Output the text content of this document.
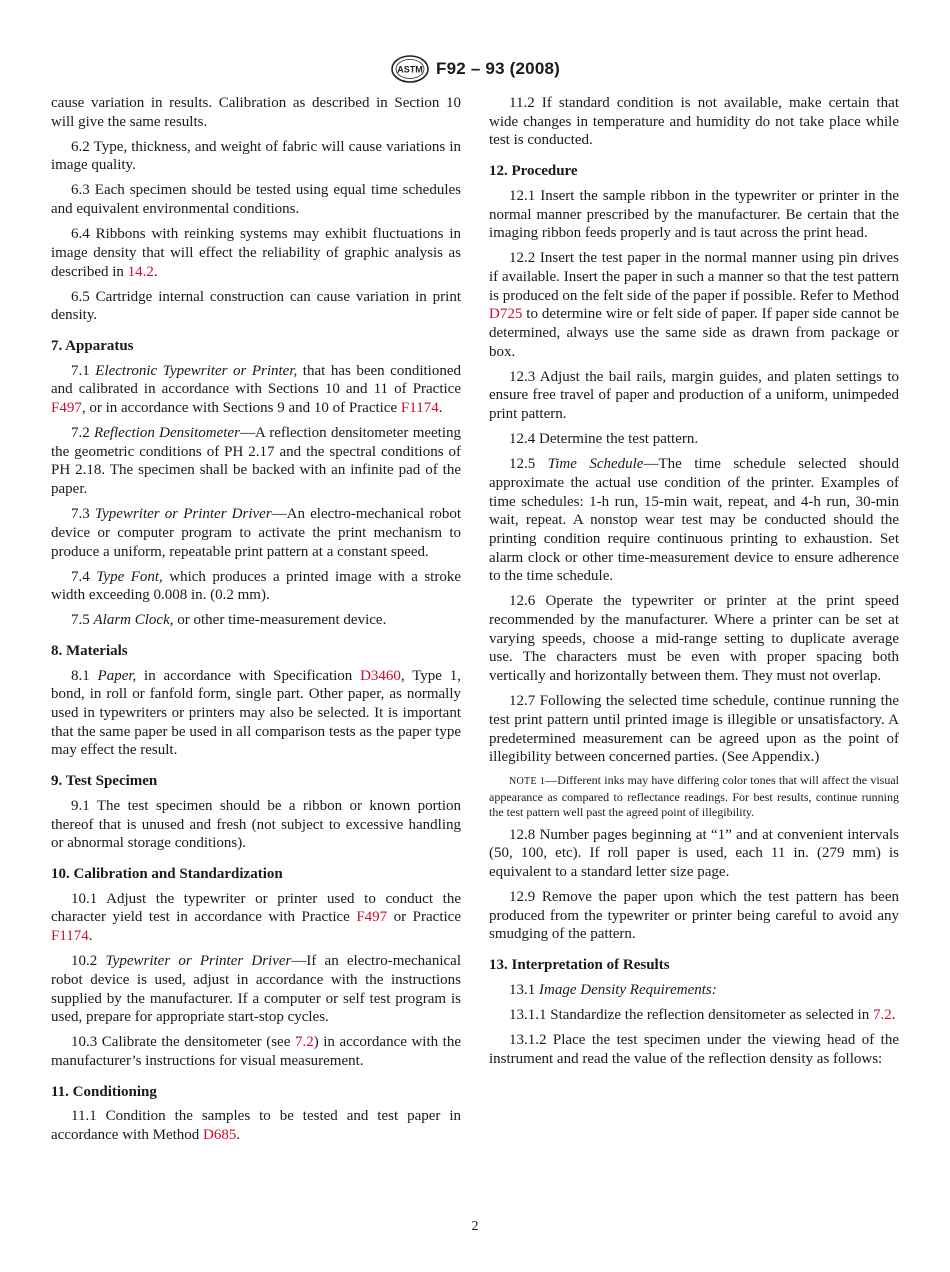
ASTM F92 – 93 (2008)

cause variation in results. Calibration as described in Section 10 will give the same results.

6.2 Type, thickness, and weight of fabric will cause variations in image quality.

6.3 Each specimen should be tested using equal time schedules and equivalent environmental conditions.

6.4 Ribbons with reinking systems may exhibit fluctuations in image density that will effect the reliability of graphic analysis as described in 14.2.

6.5 Cartridge internal construction can cause variation in print density.

7. Apparatus

7.1 Electronic Typewriter or Printer, that has been conditioned and calibrated in accordance with Sections 10 and 11 of Practice F497, or in accordance with Sections 9 and 10 of Practice F1174.

7.2 Reflection Densitometer—A reflection densitometer meeting the geometric conditions of PH 2.17 and the spectral conditions of PH 2.18. The specimen shall be backed with an infinite pad of the paper.

7.3 Typewriter or Printer Driver—An electro-mechanical robot device or computer program to activate the print mechanism to produce a uniform, repeatable print pattern at a constant speed.

7.4 Type Font, which produces a printed image with a stroke width exceeding 0.008 in. (0.2 mm).

7.5 Alarm Clock, or other time-measurement device.

8. Materials

8.1 Paper, in accordance with Specification D3460, Type 1, bond, in roll or fanfold form, single part. Other paper, as normally used in typewriters or printers may also be selected. It is important that the same paper be used in all comparison tests as the paper type may effect the result.

9. Test Specimen

9.1 The test specimen should be a ribbon or known portion thereof that is unused and fresh (not subject to excessive handling or abnormal storage conditions).

10. Calibration and Standardization

10.1 Adjust the typewriter or printer used to conduct the character yield test in accordance with Practice F497 or Practice F1174.

10.2 Typewriter or Printer Driver—If an electro-mechanical robot device is used, adjust in accordance with the instructions supplied by the manufacturer. If a computer or self test program is used, prepare for appropriate start-stop cycles.

10.3 Calibrate the densitometer (see 7.2) in accordance with the manufacturer’s instructions for visual measurement.

11. Conditioning

11.1 Condition the samples to be tested and test paper in accordance with Method D685.

11.2 If standard condition is not available, make certain that wide changes in temperature and humidity do not take place while test is conducted.

12. Procedure

12.1 Insert the sample ribbon in the typewriter or printer in the normal manner prescribed by the manufacturer. Be certain that the imaging ribbon feeds properly and is taut across the print head.

12.2 Insert the test paper in the normal manner using pin drives if available. Insert the paper in such a manner so that the test pattern is produced on the felt side of the paper if possible. Refer to Method D725 to determine wire or felt side of paper. If paper side cannot be determined, always use the same side as drawn from package or box.

12.3 Adjust the bail rails, margin guides, and platen settings to ensure free travel of paper and production of a uniform, unimpeded print pattern.

12.4 Determine the test pattern.

12.5 Time Schedule—The time schedule selected should approximate the actual use condition of the printer. Examples of time schedules: 1-h run, 15-min wait, repeat, and 4-h run, 30-min wait, repeat. A nonstop wear test may be conducted should the printing condition require continuous printing to exhaustion. Set alarm clock or other time-measurement device to ensure adherence to the time schedule.

12.6 Operate the typewriter or printer at the print speed recommended by the manufacturer. Where a printer can be set at varying speeds, choose a mid-range setting to duplicate average use. The characters must be even with proper spacing both vertically and horizontally between them. They must not overlap.

12.7 Following the selected time schedule, continue running the test print pattern until printed image is illegible or unsatisfactory. A predetermined measurement can be agreed upon as the point of illegibility between concerned parties. (See Appendix.)

NOTE 1—Different inks may have differing color tones that will affect the visual appearance as compared to reflectance readings. For best results, continue running the test pattern well past the agreed point of illegibility.

12.8 Number pages beginning at “1” and at convenient intervals (50, 100, etc). If roll paper is used, each 11 in. (279 mm) is equivalent to a standard letter size page.

12.9 Remove the paper upon which the test pattern has been produced from the typewriter or printer being careful to avoid any smudging of the pattern.

13. Interpretation of Results

13.1 Image Density Requirements:

13.1.1 Standardize the reflection densitometer as selected in 7.2.

13.1.2 Place the test specimen under the viewing head of the instrument and read the value of the reflection density as follows:

2
